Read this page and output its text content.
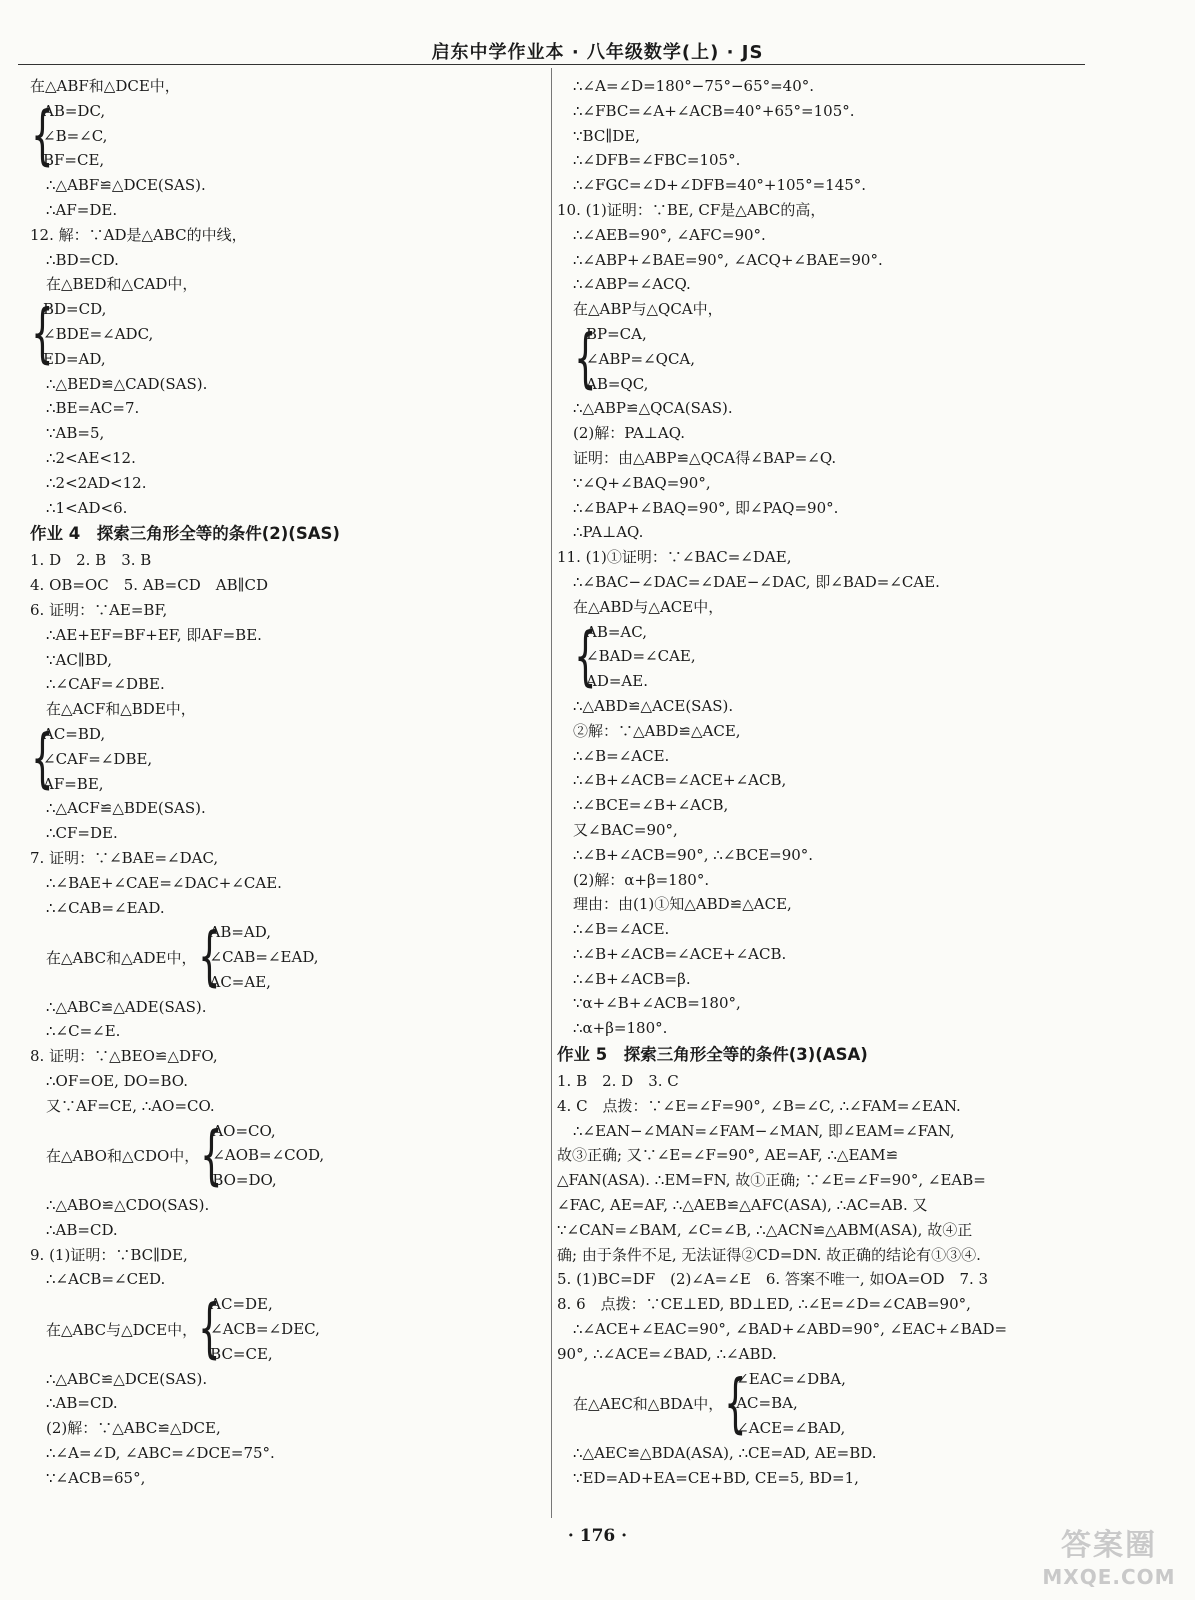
启东中学作业本 · 八年级数学(上) · JS
在△ABF和△DCE中，
{
AB=DC,
∠B=∠C,
BF=CE,
∴△ABF≌△DCE(SAS).
∴AF=DE.
12. 解：∵AD是△ABC的中线，
∴BD=CD.
在△BED和△CAD中，
{
BD=CD,
∠BDE=∠ADC,
ED=AD,
∴△BED≌△CAD(SAS).
∴BE=AC=7.
∵AB=5,
∴2<AE<12.
∴2<2AD<12.
∴1<AD<6.
作业 4　探索三角形全等的条件(2)(SAS)
1. D　2. B　3. B
4. OB=OC　5. AB=CD　AB∥CD
6. 证明：∵AE=BF,
∴AE+EF=BF+EF, 即AF=BE.
∵AC∥BD,
∴∠CAF=∠DBE.
在△ACF和△BDE中，
{
AC=BD,
∠CAF=∠DBE,
AF=BE,
∴△ACF≌△BDE(SAS).
∴CF=DE.
7. 证明：∵∠BAE=∠DAC,
∴∠BAE+∠CAE=∠DAC+∠CAE.
∴∠CAB=∠EAD.
在△ABC和△ADE中， {
AB=AD,
∠CAB=∠EAD,
AC=AE,
∴△ABC≌△ADE(SAS).
∴∠C=∠E.
8. 证明：∵△BEO≌△DFO,
∴OF=OE, DO=BO.
又∵AF=CE, ∴AO=CO.
在△ABO和△CDO中， {
AO=CO,
∠AOB=∠COD,
BO=DO,
∴△ABO≌△CDO(SAS).
∴AB=CD.
9. (1)证明：∵BC∥DE,
∴∠ACB=∠CED.
在△ABC与△DCE中， {
AC=DE,
∠ACB=∠DEC,
BC=CE,
∴△ABC≌△DCE(SAS).
∴AB=CD.
(2)解：∵△ABC≌△DCE,
∴∠A=∠D, ∠ABC=∠DCE=75°.
∵∠ACB=65°,
∴∠A=∠D=180°−75°−65°=40°.
∴∠FBC=∠A+∠ACB=40°+65°=105°.
∵BC∥DE,
∴∠DFB=∠FBC=105°.
∴∠FGC=∠D+∠DFB=40°+105°=145°.
10. (1)证明：∵BE, CF是△ABC的高，
∴∠AEB=90°, ∠AFC=90°.
∴∠ABP+∠BAE=90°, ∠ACQ+∠BAE=90°.
∴∠ABP=∠ACQ.
在△ABP与△QCA中，
{
BP=CA,
∠ABP=∠QCA,
AB=QC,
∴△ABP≌△QCA(SAS).
(2)解：PA⊥AQ.
证明：由△ABP≌△QCA得∠BAP=∠Q.
∵∠Q+∠BAQ=90°,
∴∠BAP+∠BAQ=90°, 即∠PAQ=90°.
∴PA⊥AQ.
11. (1)①证明：∵∠BAC=∠DAE,
∴∠BAC−∠DAC=∠DAE−∠DAC, 即∠BAD=∠CAE.
在△ABD与△ACE中，
{
AB=AC,
∠BAD=∠CAE,
AD=AE.
∴△ABD≌△ACE(SAS).
②解：∵△ABD≌△ACE,
∴∠B=∠ACE.
∴∠B+∠ACB=∠ACE+∠ACB,
∴∠BCE=∠B+∠ACB,
又∠BAC=90°,
∴∠B+∠ACB=90°, ∴∠BCE=90°.
(2)解：α+β=180°.
理由：由(1)①知△ABD≌△ACE,
∴∠B=∠ACE.
∴∠B+∠ACB=∠ACE+∠ACB.
∴∠B+∠ACB=β.
∵α+∠B+∠ACB=180°,
∴α+β=180°.
作业 5　探索三角形全等的条件(3)(ASA)
1. B　2. D　3. C
4. C　点拨：∵∠E=∠F=90°, ∠B=∠C, ∴∠FAM=∠EAN.
∴∠EAN−∠MAN=∠FAM−∠MAN, 即∠EAM=∠FAN,
故③正确; 又∵∠E=∠F=90°, AE=AF, ∴△EAM≌
△FAN(ASA). ∴EM=FN, 故①正确; ∵∠E=∠F=90°, ∠EAB=
∠FAC, AE=AF, ∴△AEB≌△AFC(ASA), ∴AC=AB. 又
∵∠CAN=∠BAM, ∠C=∠B, ∴△ACN≌△ABM(ASA), 故④正
确; 由于条件不足, 无法证得②CD=DN. 故正确的结论有①③④.
5. (1)BC=DF　(2)∠A=∠E　6. 答案不唯一, 如OA=OD　7. 3
8. 6　点拨：∵CE⊥ED, BD⊥ED, ∴∠E=∠D=∠CAB=90°,
∴∠ACE+∠EAC=90°, ∠BAD+∠ABD=90°, ∠EAC+∠BAD=
90°, ∴∠ACE=∠BAD, ∴∠ABD.
在△AEC和△BDA中， {
∠EAC=∠DBA,
AC=BA,
∠ACE=∠BAD,
∴△AEC≌△BDA(ASA), ∴CE=AD, AE=BD.
∵ED=AD+EA=CE+BD, CE=5, BD=1,
· 176 ·	答案圈
MXQE.COM
